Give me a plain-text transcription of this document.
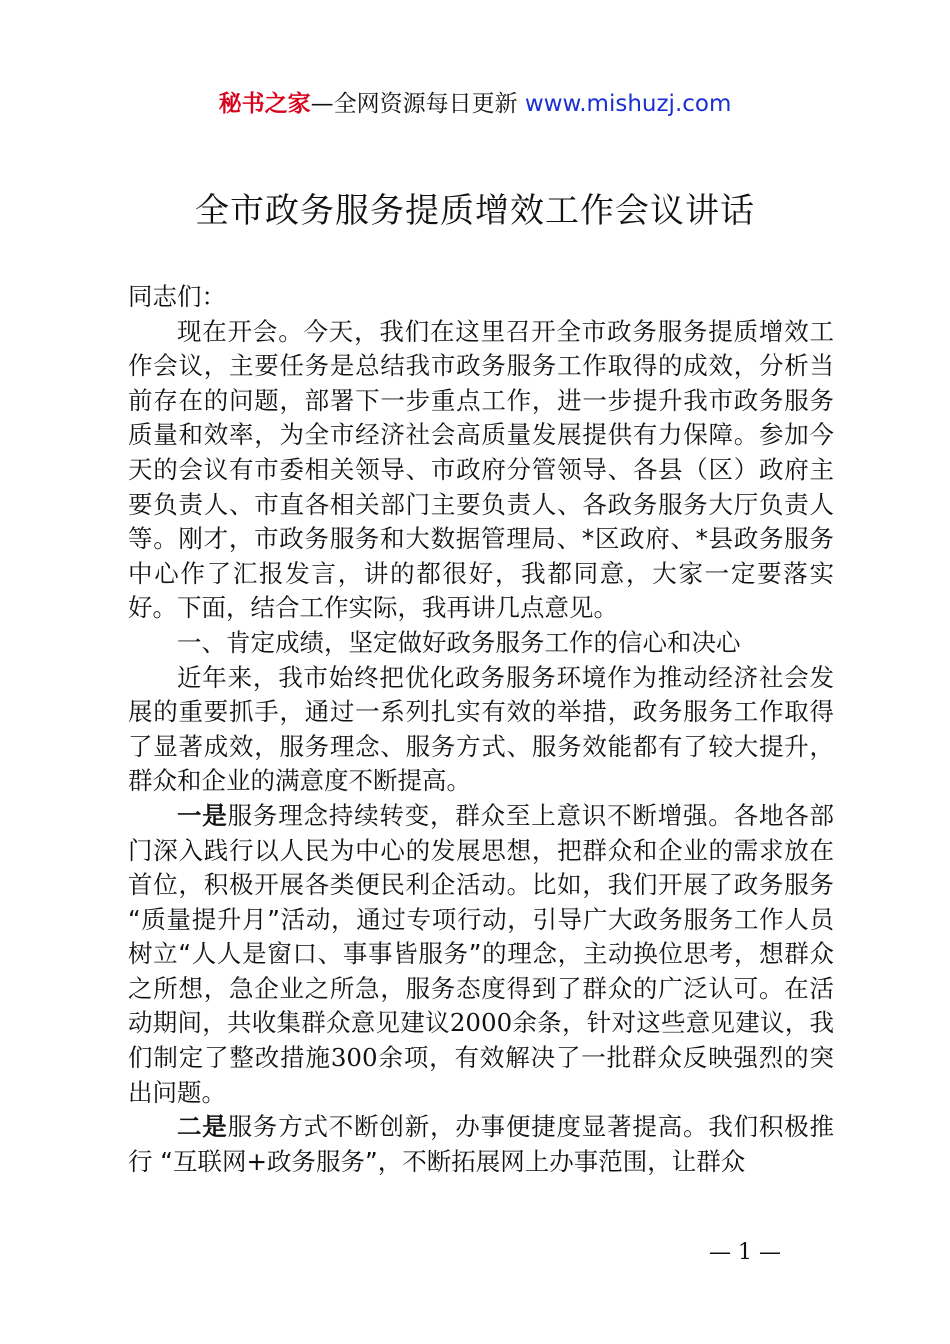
秘书之家—全网资源每日更新 www.mishuzj.com
全市政务服务提质增效工作会议讲话

同志们：

现在开会。今天，我们在这里召开全市政务服务提质增效工作会议，主要任务是总结我市政务服务工作取得的成效，分析当前存在的问题，部署下一步重点工作，进一步提升我市政务服务质量和效率，为全市经济社会高质量发展提供有力保障。参加今天的会议有市委相关领导、市政府分管领导、各县（区）政府主要负责人、市直各相关部门主要负责人、各政务服务大厅负责人等。刚才，市政务服务和大数据管理局、*区政府、*县政务服务中心作了汇报发言，讲的都很好，我都同意，大家一定要落实好。下面，结合工作实际，我再讲几点意见。

一、肯定成绩，坚定做好政务服务工作的信心和决心

近年来，我市始终把优化政务服务环境作为推动经济社会发展的重要抓手，通过一系列扎实有效的举措，政务服务工作取得了显著成效，服务理念、服务方式、服务效能都有了较大提升，群众和企业的满意度不断提高。

一是服务理念持续转变，群众至上意识不断增强。各地各部门深入践行以人民为中心的发展思想，把群众和企业的需求放在首位，积极开展各类便民利企活动。比如，我们开展了政务服务 “质量提升月”活动，通过专项行动，引导广大政务服务工作人员树立“人人是窗口、事事皆服务”的理念，主动换位思考，想群众之所想，急企业之所急，服务态度得到了群众的广泛认可。在活动期间，共收集群众意见建议2000余条，针对这些意见建议，我们制定了整改措施300余项，有效解决了一批群众反映强烈的突出问题。

二是服务方式不断创新，办事便捷度显著提高。我们积极推行 “互联网+政务服务”，不断拓展网上办事范围，让群众

— 1 —
